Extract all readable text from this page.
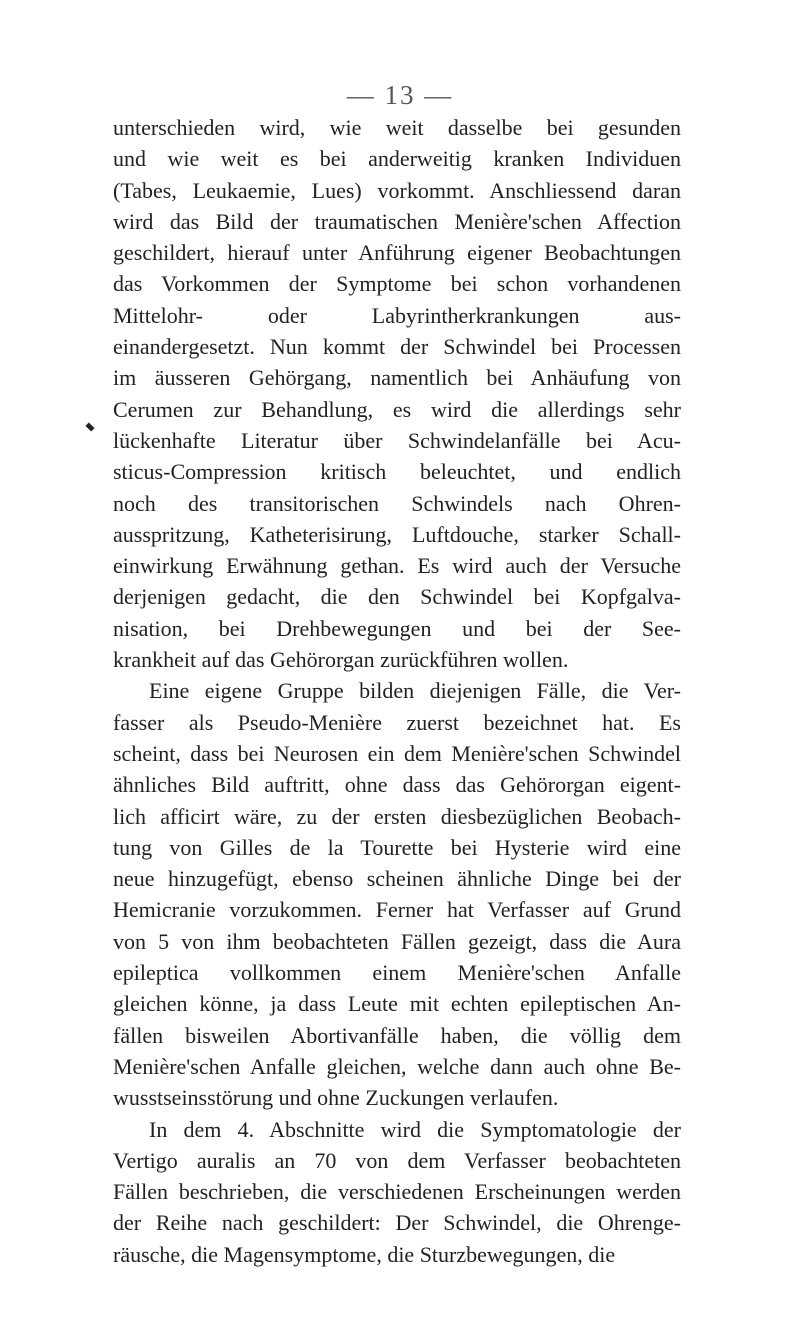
— 13 —
unterschieden wird, wie weit dasselbe bei gesunden
und wie weit es bei anderweitig kranken Individuen
(Tabes, Leukaemie, Lues) vorkommt. Anschliessend daran
wird das Bild der traumatischen Menière'schen Affection
geschildert, hierauf unter Anführung eigener Beobachtungen
das Vorkommen der Symptome bei schon vorhandenen
Mittelohr- oder Labyrintherkrankungen aus-
einandergesetzt. Nun kommt der Schwindel bei Processen
im äusseren Gehörgang, namentlich bei Anhäufung von
Cerumen zur Behandlung, es wird die allerdings sehr
lückenhafte Literatur über Schwindelanfälle bei Acu-
sticus-Compression kritisch beleuchtet, und endlich
noch des transitorischen Schwindels nach Ohren-
ausspritzung, Katheterisirung, Luftdouche, starker Schall-
einwirkung Erwähnung gethan. Es wird auch der Versuche
derjenigen gedacht, die den Schwindel bei Kopfgalva-
nisation, bei Drehbewegungen und bei der See-
krankheit auf das Gehörorgan zurückführen wollen.
Eine eigene Gruppe bilden diejenigen Fälle, die Ver-
fasser als Pseudo-Menière zuerst bezeichnet hat. Es
scheint, dass bei Neurosen ein dem Menière'schen Schwindel
ähnliches Bild auftritt, ohne dass das Gehörorgan eigent-
lich afficirt wäre, zu der ersten diesbezüglichen Beobach-
tung von Gilles de la Tourette bei Hysterie wird eine
neue hinzugefügt, ebenso scheinen ähnliche Dinge bei der
Hemicranie vorzukommen. Ferner hat Verfasser auf Grund
von 5 von ihm beobachteten Fällen gezeigt, dass die Aura
epileptica vollkommen einem Menière'schen Anfalle
gleichen könne, ja dass Leute mit echten epileptischen An-
fällen bisweilen Abortivanfälle haben, die völlig dem
Menière'schen Anfalle gleichen, welche dann auch ohne Be-
wusstseinsstörung und ohne Zuckungen verlaufen.
In dem 4. Abschnitte wird die Symptomatologie der
Vertigo auralis an 70 von dem Verfasser beobachteten
Fällen beschrieben, die verschiedenen Erscheinungen werden
der Reihe nach geschildert: Der Schwindel, die Ohrenge-
räusche, die Magensymptome, die Sturzbewegungen, die
